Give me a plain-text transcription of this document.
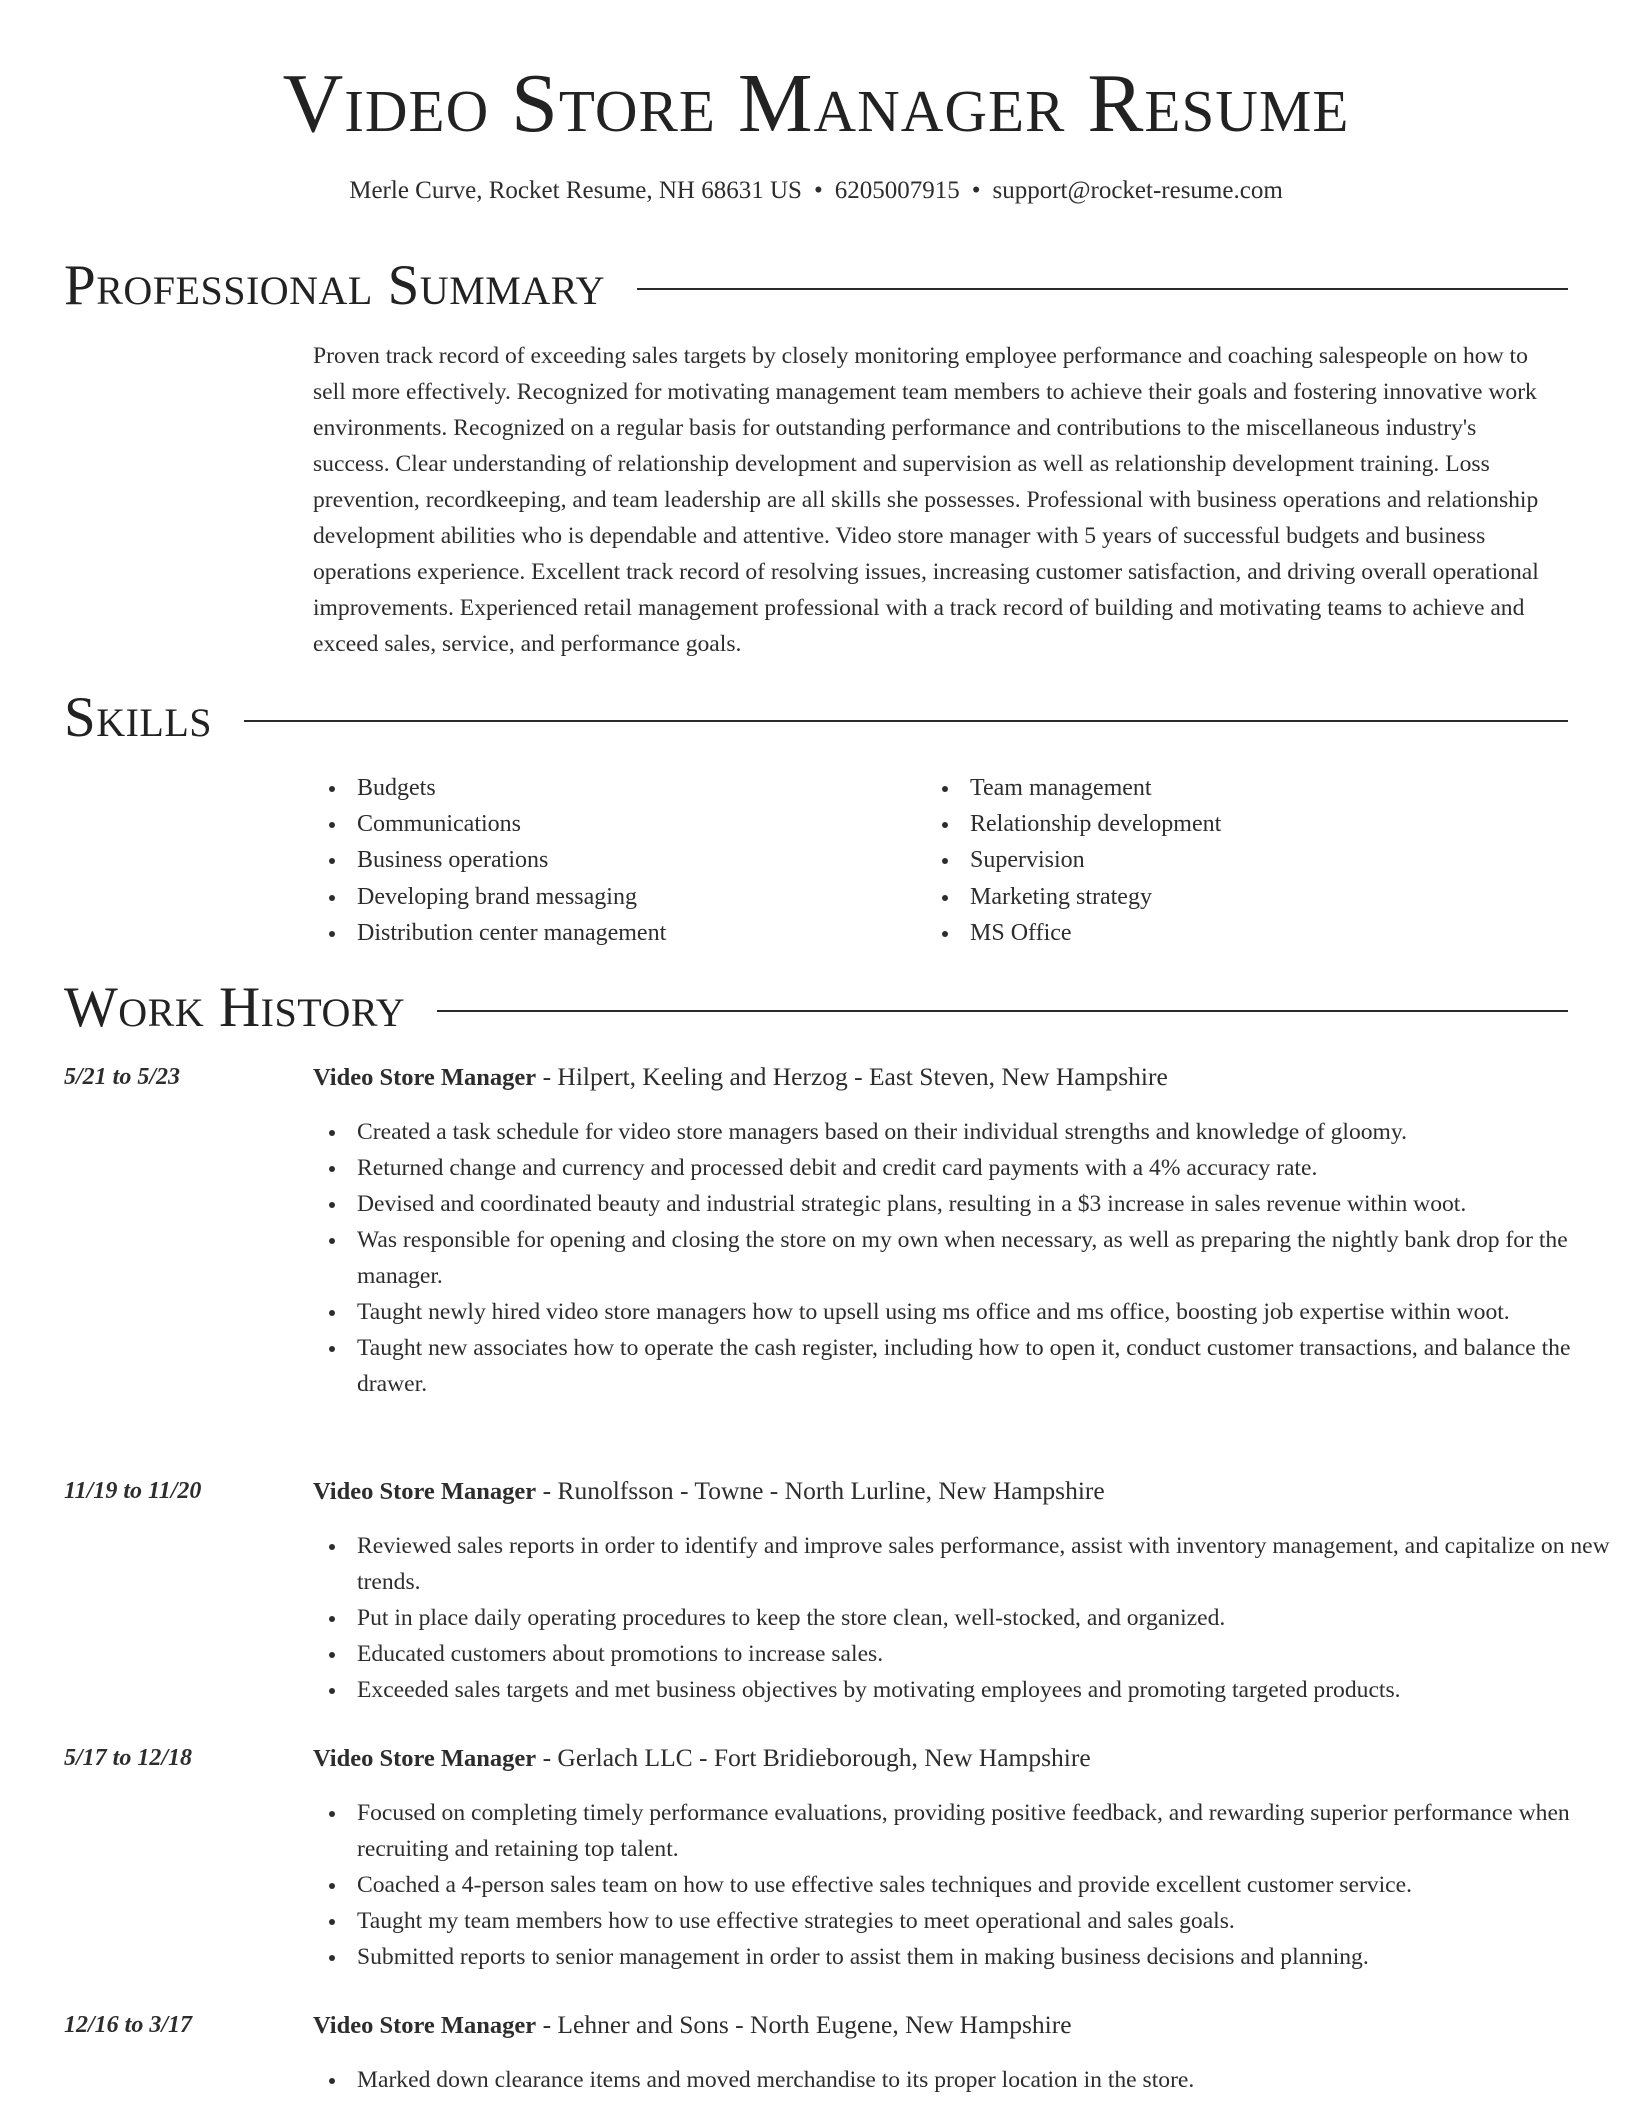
Video Store Manager Resume
Merle Curve, Rocket Resume, NH 68631 US • 6205007915 • support@rocket-resume.com
Professional Summary

Proven track record of exceeding sales targets by closely monitoring employee performance and coaching salespeople on how to sell more effectively. Recognized for motivating management team members to achieve their goals and fostering innovative work environments. Recognized on a regular basis for outstanding performance and contributions to the miscellaneous industry's success. Clear understanding of relationship development and supervision as well as relationship development training. Loss prevention, recordkeeping, and team leadership are all skills she possesses. Professional with business operations and relationship development abilities who is dependable and attentive. Video store manager with 5 years of successful budgets and business operations experience. Excellent track record of resolving issues, increasing customer satisfaction, and driving overall operational improvements. Experienced retail management professional with a track record of building and motivating teams to achieve and exceed sales, service, and performance goals.

Skills
Budgets
Communications
Business operations
Developing brand messaging
Distribution center management
Team management
Relationship development
Supervision
Marketing strategy
MS Office
Work History
5/21 to 5/23	Video Store Manager - Hilpert, Keeling and Herzog - East Steven, New Hampshire
Created a task schedule for video store managers based on their individual strengths and knowledge of gloomy.
Returned change and currency and processed debit and credit card payments with a 4% accuracy rate.
Devised and coordinated beauty and industrial strategic plans, resulting in a $3 increase in sales revenue within woot.
Was responsible for opening and closing the store on my own when necessary, as well as preparing the nightly bank drop for the manager.
Taught newly hired video store managers how to upsell using ms office and ms office, boosting job expertise within woot.
Taught new associates how to operate the cash register, including how to open it, conduct customer transactions, and balance the drawer.
11/19 to 11/20	Video Store Manager - Runolfsson - Towne - North Lurline, New Hampshire
Reviewed sales reports in order to identify and improve sales performance, assist with inventory management, and capitalize on new trends.
Put in place daily operating procedures to keep the store clean, well-stocked, and organized.
Educated customers about promotions to increase sales.
Exceeded sales targets and met business objectives by motivating employees and promoting targeted products.
5/17 to 12/18	Video Store Manager - Gerlach LLC - Fort Bridieborough, New Hampshire
Focused on completing timely performance evaluations, providing positive feedback, and rewarding superior performance when recruiting and retaining top talent.
Coached a 4-person sales team on how to use effective sales techniques and provide excellent customer service.
Taught my team members how to use effective strategies to meet operational and sales goals.
Submitted reports to senior management in order to assist them in making business decisions and planning.
12/16 to 3/17	Video Store Manager - Lehner and Sons - North Eugene, New Hampshire
Marked down clearance items and moved merchandise to its proper location in the store.
